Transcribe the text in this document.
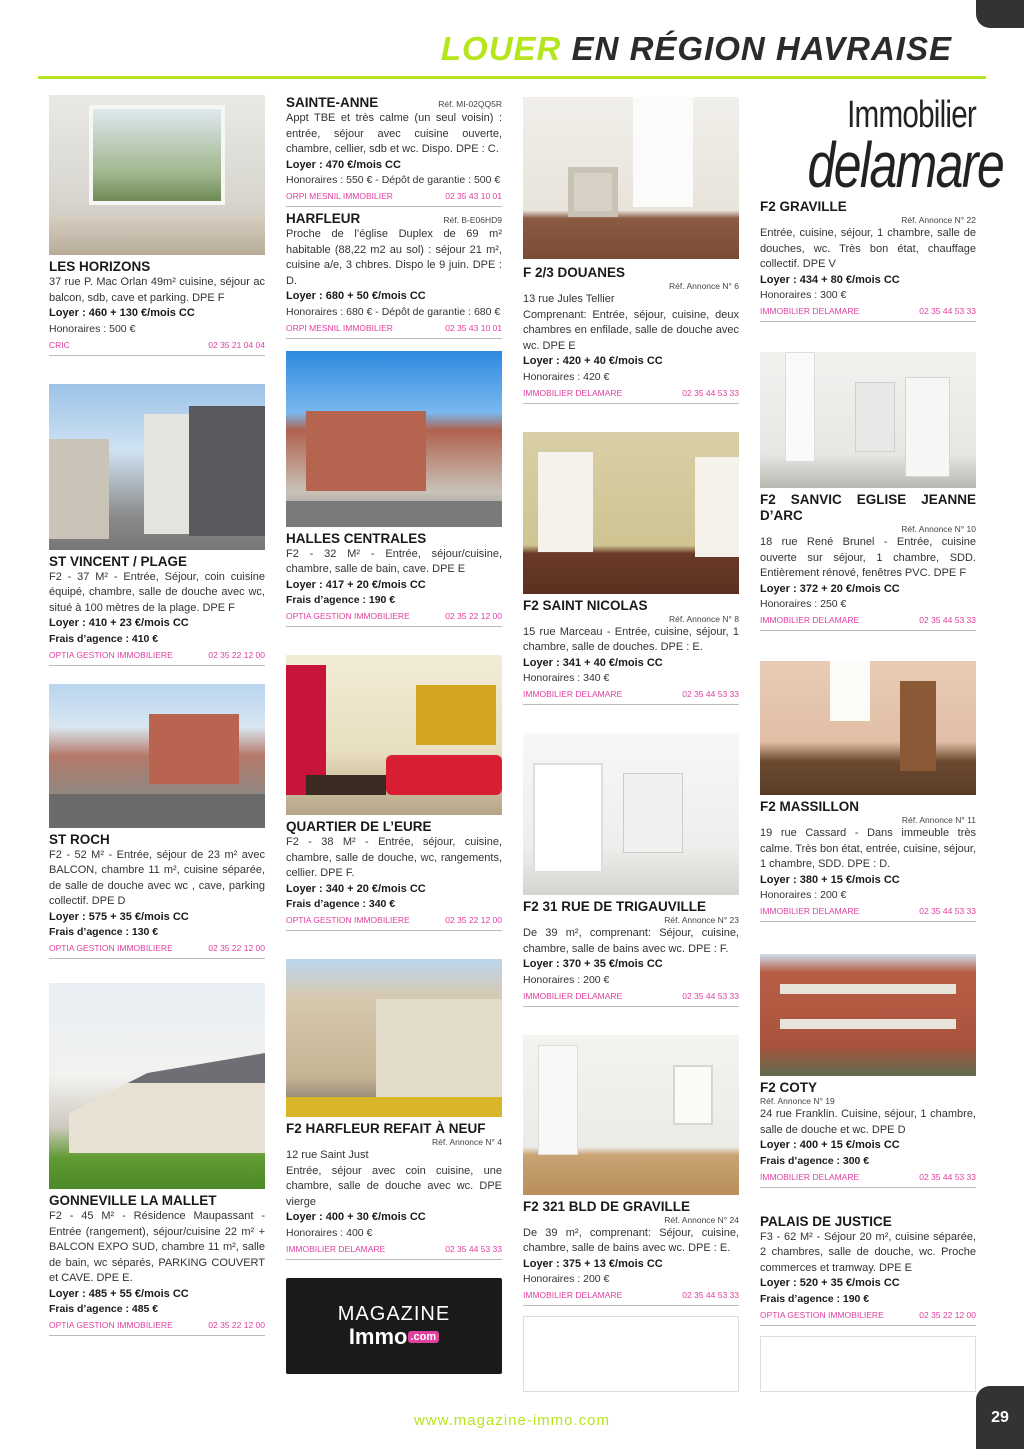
LOUER EN RÉGION HAVRAISE
LES HORIZONS
37 rue P. Mac Orlan 49m² cuisine, séjour ac balcon, sdb, cave et parking. DPE F
Loyer : 460 + 130 €/mois CC
Honoraires : 500 €
CRIC	02 35 21 04 04
ST VINCENT / PLAGE
F2 - 37 M² - Entrée, Séjour, coin cuisine équipé, chambre, salle de douche avec wc, situé à 100 mètres de la plage. DPE F
Loyer : 410 + 23 €/mois CC
Frais d’agence : 410 €
OPTIA GESTION IMMOBILIERE	02 35 22 12 00
ST ROCH
F2 - 52 M² - Entrée, séjour de 23 m² avec BALCON, chambre 11 m², cuisine séparée, de salle de douche avec wc , cave, parking collectif. DPE D
Loyer : 575 + 35 €/mois CC
Frais d’agence : 130 €
OPTIA GESTION IMMOBILIERE	02 35 22 12 00
GONNEVILLE LA MALLET
F2 - 45 M² - Résidence Maupassant - Entrée (rangement), séjour/cuisine 22 m² + BALCON EXPO SUD, chambre 11 m², salle de bain, wc séparés, PARKING COUVERT et CAVE. DPE E.
Loyer : 485 + 55 €/mois CC
Frais d’agence : 485 €
OPTIA GESTION IMMOBILIERE	02 35 22 12 00
SAINTE-ANNE	Réf. MI-02QQ5R
Appt TBE et très calme (un seul voisin) : entrée, séjour avec cuisine ouverte, chambre, cellier, sdb et wc. Dispo. DPE : C.
Loyer : 470 €/mois CC
Honoraires : 550 € - Dépôt de garantie : 500 €
ORPI MESNIL IMMOBILIER	02 35 43 10 01
HARFLEUR	Réf. B-E06HD9
Proche de l’église Duplex de 69 m² habitable (88,22 m2 au sol) : séjour 21 m², cuisine a/e, 3 chbres. Dispo le 9 juin. DPE : D.
Loyer : 680 + 50 €/mois CC
Honoraires : 680 € - Dépôt de garantie : 680 €
ORPI MESNIL IMMOBILIER	02 35 43 10 01
HALLES CENTRALES
F2 - 32 M² - Entrée, séjour/cuisine, chambre, salle de bain, cave. DPE E
Loyer : 417 + 20 €/mois CC
Frais d’agence : 190 €
OPTIA GESTION IMMOBILIERE	02 35 22 12 00
QUARTIER DE L’EURE
F2 - 38 M² - Entrée, séjour, cuisine, chambre, salle de douche, wc, rangements, cellier. DPE F.
Loyer : 340 + 20 €/mois CC
Frais d’agence : 340 €
OPTIA GESTION IMMOBILIERE	02 35 22 12 00
F2 HARFLEUR REFAIT À NEUF
Réf. Annonce N° 4
12 rue Saint Just
Entrée, séjour avec coin cuisine, une chambre, salle de douche avec wc. DPE vierge
Loyer : 400 + 30 €/mois CC
Honoraires : 400 €
IMMOBILIER DELAMARE	02 35 44 53 33
MAGAZINE
Immo .com
F 2/3 DOUANES
Réf. Annonce N° 6
13 rue Jules Tellier
Comprenant: Entrée, séjour, cuisine, deux chambres en enfilade, salle de douche avec wc. DPE E
Loyer : 420 + 40 €/mois CC
Honoraires : 420 €
IMMOBILIER DELAMARE	02 35 44 53 33
F2 SAINT NICOLAS
Réf. Annonce N° 8
15 rue Marceau - Entrée, cuisine, séjour, 1 chambre, salle de douches. DPE : E.
Loyer : 341 + 40 €/mois CC
Honoraires : 340 €
IMMOBILIER DELAMARE	02 35 44 53 33
F2 31 RUE DE TRIGAUVILLE
Réf. Annonce N° 23
De 39 m², comprenant: Séjour, cuisine, chambre, salle de bains avec wc. DPE : F.
Loyer : 370 + 35 €/mois CC
Honoraires : 200 €
IMMOBILIER DELAMARE	02 35 44 53 33
F2 321 BLD DE GRAVILLE
Réf. Annonce N° 24
De 39 m², comprenant: Séjour, cuisine, chambre, salle de bains avec wc. DPE : E.
Loyer : 375 + 13 €/mois CC
Honoraires : 200 €
IMMOBILIER DELAMARE	02 35 44 53 33
Immobilier
delamare
F2 GRAVILLE
Réf. Annonce N° 22
Entrée, cuisine, séjour, 1 chambre, salle de douches, wc. Très bon état, chauffage collectif. DPE V
Loyer : 434 + 80 €/mois CC
Honoraires : 300 €
IMMOBILIER DELAMARE	02 35 44 53 33
F2 SANVIC EGLISE JEANNE D’ARC
Réf. Annonce N° 10
18 rue René Brunel - Entrée, cuisine ouverte sur séjour, 1 chambre, SDD. Entièrement rénové, fenêtres PVC. DPE F
Loyer : 372 + 20 €/mois CC
Honoraires : 250 €
IMMOBILIER DELAMARE	02 35 44 53 33
F2 MASSILLON
Réf. Annonce N° 11
19 rue Cassard - Dans immeuble très calme. Très bon état, entrée, cuisine, séjour, 1 chambre, SDD. DPE : D.
Loyer : 380 + 15 €/mois CC
Honoraires : 200 €
IMMOBILIER DELAMARE	02 35 44 53 33
F2 COTY
Réf. Annonce N° 19
24 rue Franklin. Cuisine, séjour, 1 chambre, salle de douche et wc. DPE D
Loyer : 400 + 15 €/mois CC
Frais d’agence : 300 €
IMMOBILIER DELAMARE	02 35 44 53 33
PALAIS DE JUSTICE
F3 - 62 M² - Séjour 20 m², cuisine séparée, 2 chambres, salle de douche, wc. Proche commerces et tramway. DPE E
Loyer : 520 + 35 €/mois CC
Frais d’agence : 190 €
OPTIA GESTION IMMOBILIERE	02 35 22 12 00
www.magazine-immo.com	29
